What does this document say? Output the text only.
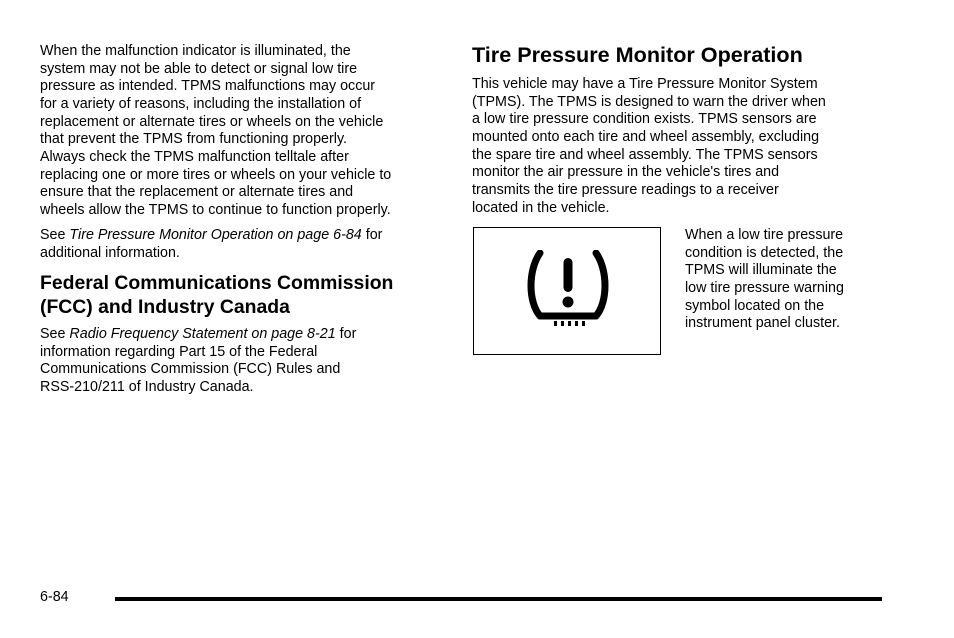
When the malfunction indicator is illuminated, the
system may not be able to detect or signal low tire
pressure as intended. TPMS malfunctions may occur
for a variety of reasons, including the installation of
replacement or alternate tires or wheels on the vehicle
that prevent the TPMS from functioning properly.
Always check the TPMS malfunction telltale after
replacing one or more tires or wheels on your vehicle to
ensure that the replacement or alternate tires and
wheels allow the TPMS to continue to function properly.

See Tire Pressure Monitor Operation on page 6-84 for
additional information.

Federal Communications Commission
(FCC) and Industry Canada

See Radio Frequency Statement on page 8-21 for
information regarding Part 15 of the Federal
Communications Commission (FCC) Rules and
RSS-210/211 of Industry Canada.

Tire Pressure Monitor Operation

This vehicle may have a Tire Pressure Monitor System
(TPMS). The TPMS is designed to warn the driver when
a low tire pressure condition exists. TPMS sensors are
mounted onto each tire and wheel assembly, excluding
the spare tire and wheel assembly. The TPMS sensors
monitor the air pressure in the vehicle's tires and
transmits the tire pressure readings to a receiver
located in the vehicle.

When a low tire pressure
condition is detected, the
TPMS will illuminate the
low tire pressure warning
symbol located on the
instrument panel cluster.

6-84
